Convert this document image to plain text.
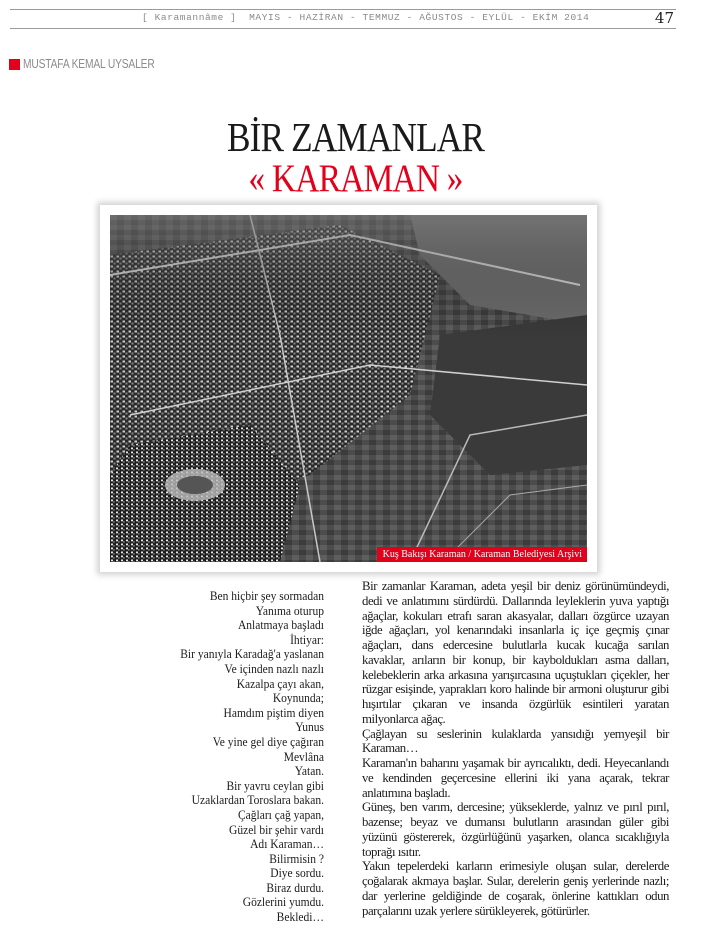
[ Karamannâme ] MAYIS - HAZİRAN - TEMMUZ - AĞUSTOS - EYLÜL - EKİM 2014	47
MUSTAFA KEMAL UYSALER
BİR ZAMANLAR
« KARAMAN »
Kuş Bakışı Karaman / Karaman Belediyesi Arşivi
Ben hiçbir şey sormadan
Yanıma oturup
Anlatmaya başladı
İhtiyar:
Bir yanıyla Karadağ'a yaslanan
Ve içinden nazlı nazlı
Kazalpa çayı akan,
Koynunda;
Hamdım piştim diyen
Yunus
Ve yine gel diye çağıran
Mevlâna
Yatan.
Bir yavru ceylan gibi
Uzaklardan Toroslara bakan.
Çağları çağ yapan,
Güzel bir şehir vardı
Adı Karaman…
Bilirmisin ?
Diye sordu.
Biraz durdu.
Gözlerini yumdu.
Bekledi…

Bir zamanlar Karaman, adeta yeşil bir deniz görünümündeydi, dedi ve anlatımını sürdürdü. Dallarında leyleklerin yuva yaptığı ağaçlar, kokuları etrafı saran akasyalar, dalları özgürce uzayan iğde ağaçları, yol kenarındaki insanlarla iç içe geçmiş çınar ağaçları, dans edercesine bulutlarla kucak kucağa sarılan kavaklar, arıların bir konup, bir kayboldukları asma dalları, kelebeklerin arka arkasına yarışırcasına uçuştukları çiçekler, her rüzgar esişinde, yaprakları koro halinde bir armoni oluşturur gibi hışırtılar çıkaran ve insanda özgürlük esintileri yaratan milyonlarca ağaç.

Çağlayan su seslerinin kulaklarda yansıdığı yemyeşil bir Karaman…

Karaman'ın baharını yaşamak bir ayrıcalıktı, dedi. Heyecanlandı ve kendinden geçercesine ellerini iki yana açarak, tekrar anlatımına başladı.

Güneş, ben varım, dercesine; yükseklerde, yalnız ve pırıl pırıl, bazense; beyaz ve dumansı bulutların arasından güler gibi yüzünü göstererek, özgürlüğünü yaşarken, olanca sıcaklığıyla toprağı ısıtır.

Yakın tepelerdeki karların erimesiyle oluşan sular, derelerde çoğalarak akmaya başlar. Sular, derelerin geniş yerlerinde nazlı; dar yerlerine geldiğinde de coşarak, önlerine kattıkları odun parçalarını uzak yerlere sürükleyerek, götürürler.
